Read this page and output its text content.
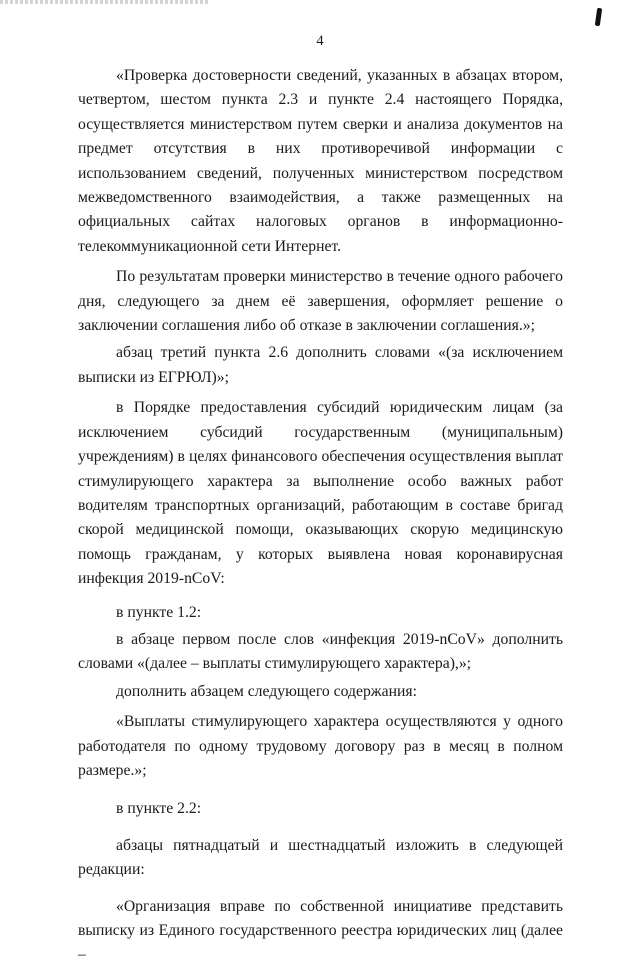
4

«Проверка достоверности сведений, указанных в абзацах втором, четвертом, шестом пункта 2.3 и пункте 2.4 настоящего Порядка, осуществляется министерством путем сверки и анализа документов на предмет отсутствия в них противоречивой информации с использованием сведений, полученных министерством посредством межведомственного взаимодействия, а также размещенных на официальных сайтах налоговых органов в информационно-телекоммуникационной сети Интернет.

По результатам проверки министерство в течение одного рабочего дня, следующего за днем её завершения, оформляет решение о заключении соглашения либо об отказе в заключении соглашения.»;

абзац третий пункта 2.6 дополнить словами «(за исключением выписки из ЕГРЮЛ)»;

в Порядке предоставления субсидий юридическим лицам (за исключением субсидий государственным (муниципальным) учреждениям) в целях финансового обеспечения осуществления выплат стимулирующего характера за выполнение особо важных работ водителям транспортных организаций, работающим в составе бригад скорой медицинской помощи, оказывающих скорую медицинскую помощь гражданам, у которых выявлена новая коронавирусная инфекция 2019-nCoV:

в пункте 1.2:

в абзаце первом после слов «инфекция 2019-nCoV» дополнить словами «(далее – выплаты стимулирующего характера),»;

дополнить абзацем следующего содержания:

«Выплаты стимулирующего характера осуществляются у одного работодателя по одному трудовому договору раз в месяц в полном размере.»;

в пункте 2.2:

абзацы пятнадцатый и шестнадцатый изложить в следующей редакции:

«Организация вправе по собственной инициативе представить выписку из Единого государственного реестра юридических лиц (далее –
